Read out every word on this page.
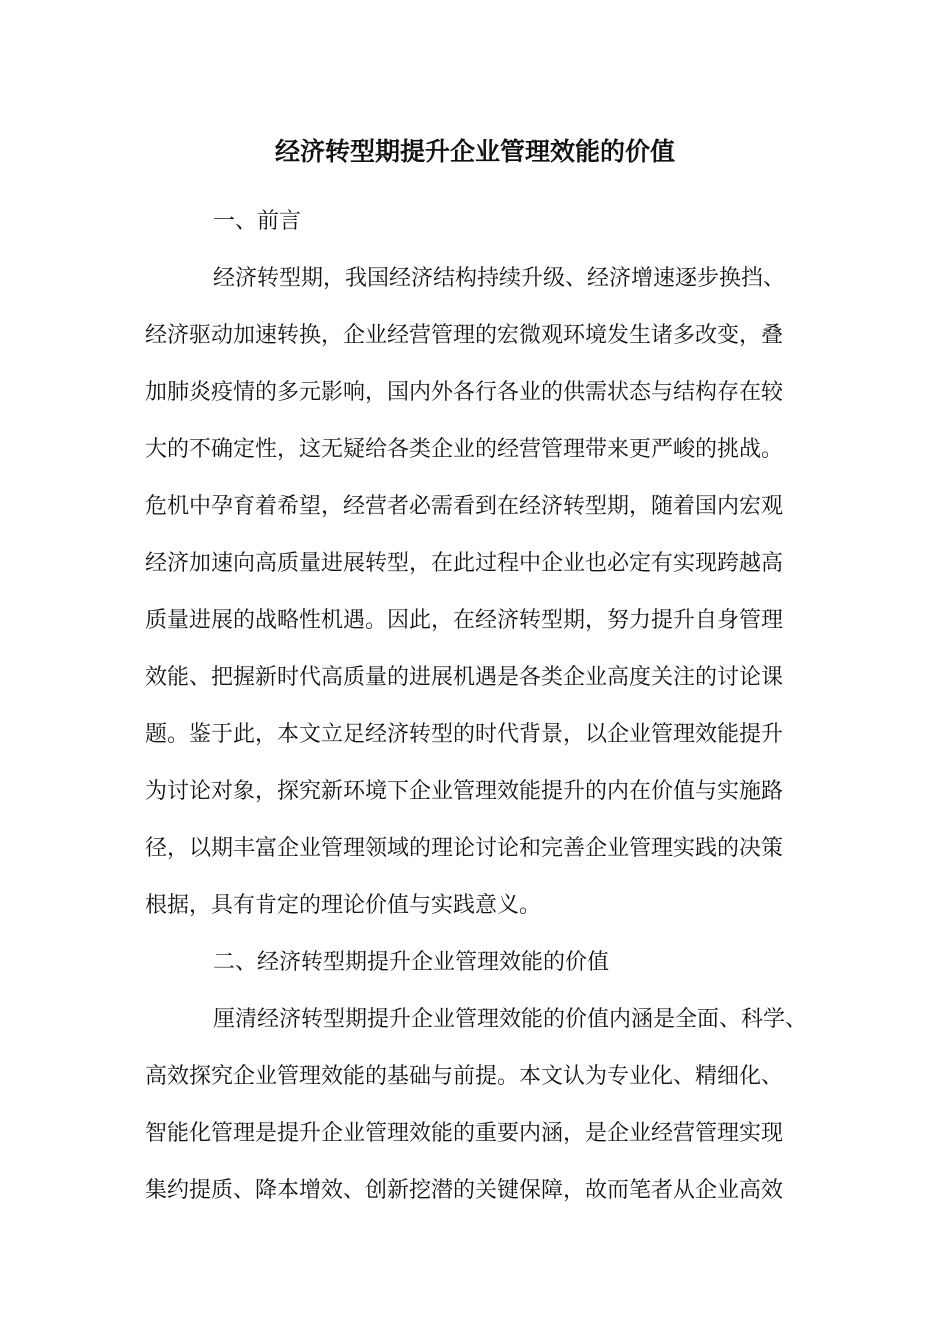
经济转型期提升企业管理效能的价值
一、前言
经济转型期，我国经济结构持续升级、经济增速逐步换挡、
经济驱动加速转换，企业经营管理的宏微观环境发生诸多改变，叠
加肺炎疫情的多元影响，国内外各行各业的供需状态与结构存在较
大的不确定性，这无疑给各类企业的经营管理带来更严峻的挑战。
危机中孕育着希望，经营者必需看到在经济转型期，随着国内宏观
经济加速向高质量进展转型，在此过程中企业也必定有实现跨越高
质量进展的战略性机遇。因此，在经济转型期，努力提升自身管理
效能、把握新时代高质量的进展机遇是各类企业高度关注的讨论课
题。鉴于此，本文立足经济转型的时代背景，以企业管理效能提升
为讨论对象，探究新环境下企业管理效能提升的内在价值与实施路
径，以期丰富企业管理领域的理论讨论和完善企业管理实践的决策
根据，具有肯定的理论价值与实践意义。
二、经济转型期提升企业管理效能的价值
厘清经济转型期提升企业管理效能的价值内涵是全面、科学、
高效探究企业管理效能的基础与前提。本文认为专业化、精细化、
智能化管理是提升企业管理效能的重要内涵，是企业经营管理实现
集约提质、降本增效、创新挖潜的关键保障，故而笔者从企业高效
